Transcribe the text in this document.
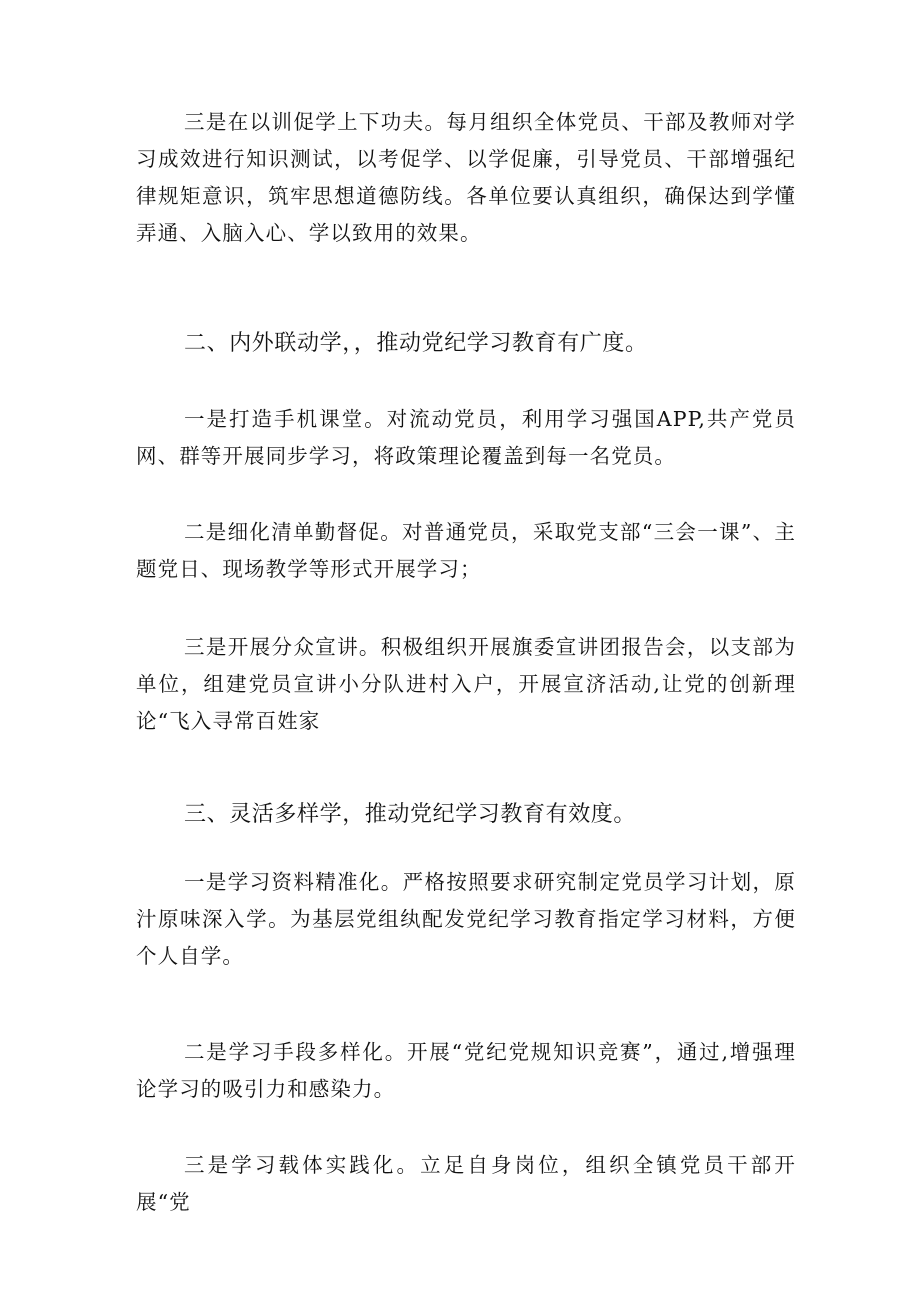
三是在以训促学上下功夫。每月组织全体党员、干部及教师对学习成效进行知识测试，以考促学、以学促廉，引导党员、干部增强纪律规矩意识，筑牢思想道德防线。各单位要认真组织，确保达到学懂弄通、入脑入心、学以致用的效果。

二、内外联动学，，推动党纪学习教育有广度。

一是打造手机课堂。对流动党员，利用学习强国APP,共产党员网、群等开展同步学习，将政策理论覆盖到每一名党员。

二是细化清单勤督促。对普通党员，采取党支部“三会一课”、主题党日、现场教学等形式开展学习；

三是开展分众宣讲。积极组织开展旗委宣讲团报告会，以支部为单位，组建党员宣讲小分队进村入户，开展宣济活动,让党的创新理论“飞入寻常百姓家

三、灵活多样学，推动党纪学习教育有效度。

一是学习资料精准化。严格按照要求研究制定党员学习计划，原汁原味深入学。为基层党组纨配发党纪学习教育指定学习材料，方便个人自学。

二是学习手段多样化。开展“党纪党规知识竞赛”，通过,增强理论学习的吸引力和感染力。

三是学习载体实践化。立足自身岗位，组织全镇党员干部开展“党
